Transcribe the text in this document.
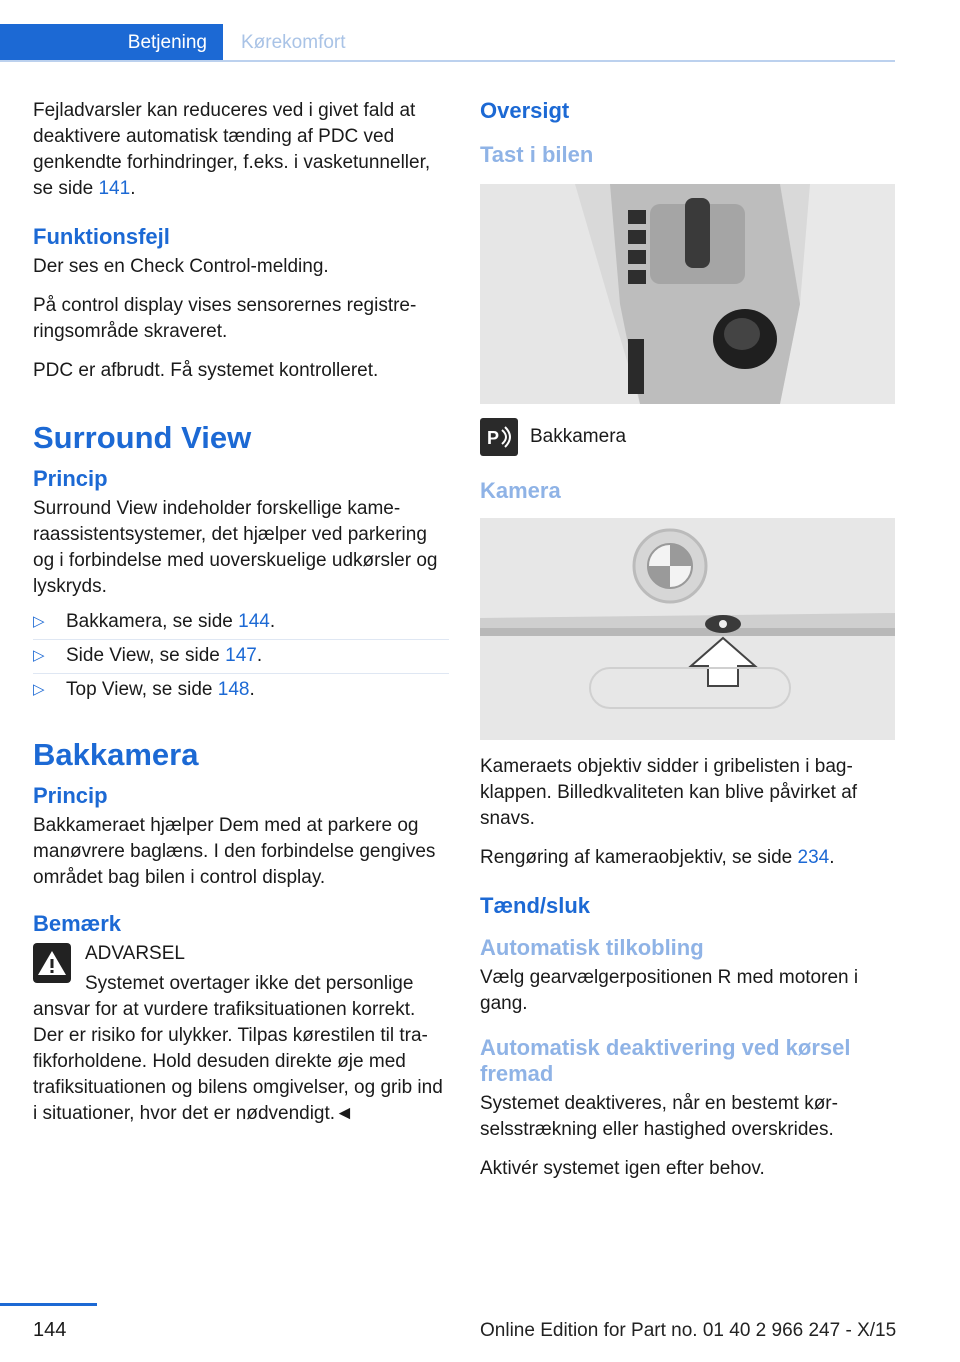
Betjening	Kørekomfort

Fejladvarsler kan reduceres ved i givet fald at deaktivere automatisk tænding af PDC ved genkendte forhindringer, f.eks. i vasketunneller, se side 141.

Funktionsfejl

Der ses en Check Control-melding.

På control display vises sensorernes registreringsområde skraveret.

PDC er afbrudt. Få systemet kontrolleret.

Surround View
Princip

Surround View indeholder forskellige kameraassistentsystemer, det hjælper ved parkering og i forbindelse med uoverskuelige udkørsler og lyskryds.

▷ Bakkamera, se side 144.
▷ Side View, se side 147.
▷ Top View, se side 148.
Bakkamera
Princip

Bakkameraet hjælper Dem med at parkere og manøvrere baglæns. I den forbindelse gengives området bag bilen i control display.

Bemærk

ADVARSEL

Systemet overtager ikke det personlige ansvar for at vurdere trafiksituationen korrekt. Der er risiko for ulykker. Tilpas kørestilen til trafikforholdene. Hold desuden direkte øje med trafiksituationen og bilens omgivelser, og grib ind i situationer, hvor det er nødvendigt.◄

Oversigt
Tast i bilen
P Bakkamera
Kamera

Kameraets objektiv sidder i gribelisten i bagklappen. Billedkvaliteten kan blive påvirket af snavs.

Rengøring af kameraobjektiv, se side 234.

Tænd/sluk
Automatisk tilkobling

Vælg gearvælgerpositionen R med motoren i gang.

Automatisk deaktivering ved kørsel fremad

Systemet deaktiveres, når en bestemt kørselsstrækning eller hastighed overskrides.

Aktivér systemet igen efter behov.

144	Online Edition for Part no. 01 40 2 966 247 - X/15
